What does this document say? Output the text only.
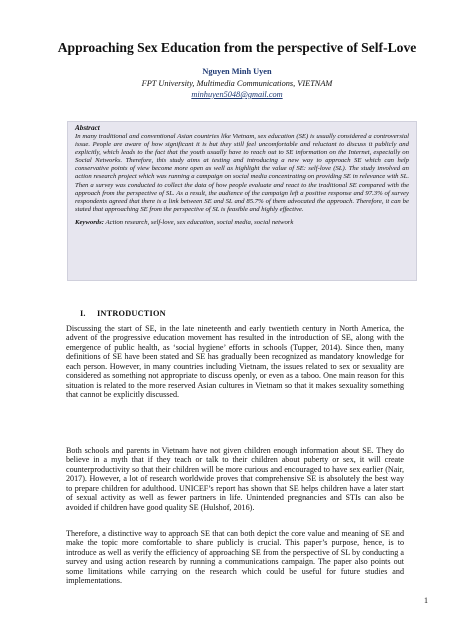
Approaching Sex Education from the perspective of Self-Love
Nguyen Minh Uyen
FPT University, Multimedia Communications, VIETNAM
minhuyen5048@gmail.com
Abstract
In many traditional and conventional Asian countries like Vietnam, sex education (SE) is usually considered a controversial issue. People are aware of how significant it is but they still feel uncomfortable and reluctant to discuss it publicly and explicitly, which leads to the fact that the youth usually have to reach out to SE information on the Internet, especially on Social Networks. Therefore, this study aims at testing and introducing a new way to approach SE which can help conservative points of view become more open as well as highlight the value of SE: self-love (SL). The study involved an action research project which was running a campaign on social media concentrating on providing SE in relevance with SL. Then a survey was conducted to collect the data of how people evaluate and react to the traditional SE compared with the approach from the perspective of SL. As a result, the audience of the campaign left a positive response and 97.3% of survey respondents agreed that there is a link between SE and SL and 85.7% of them advocated the approach. Therefore, it can be stated that approaching SE from the perspective of SL is feasible and highly effective.
Keywords: Action research, self-love, sex education, social media, social network
I. INTRODUCTION

Discussing the start of SE, in the late nineteenth and early twentieth century in North America, the advent of the progressive education movement has resulted in the introduction of SE, along with the emergence of public health, as ‘social hygiene’ efforts in schools (Tupper, 2014). Since then, many definitions of SE have been stated and SE has gradually been recognized as mandatory knowledge for each person. However, in many countries including Vietnam, the issues related to sex or sexuality are considered as something not appropriate to discuss openly, or even as a taboo. One main reason for this situation is related to the more reserved Asian cultures in Vietnam so that it makes sexuality something that cannot be explicitly discussed.

Both schools and parents in Vietnam have not given children enough information about SE. They do believe in a myth that if they teach or talk to their children about puberty or sex, it will create counterproductivity so that their children will be more curious and encouraged to have sex earlier (Nair, 2017). However, a lot of research worldwide proves that comprehensive SE is absolutely the best way to prepare children for adulthood. UNICEF’s report has shown that SE helps children have a later start of sexual activity as well as fewer partners in life. Unintended pregnancies and STIs can also be avoided if children have good quality SE (Hulshof, 2016).

Therefore, a distinctive way to approach SE that can both depict the core value and meaning of SE and make the topic more comfortable to share publicly is crucial. This paper’s purpose, hence, is to introduce as well as verify the efficiency of approaching SE from the perspective of SL by conducting a survey and using action research by running a communications campaign. The paper also points out some limitations while carrying on the research which could be useful for future studies and implementations.

1
